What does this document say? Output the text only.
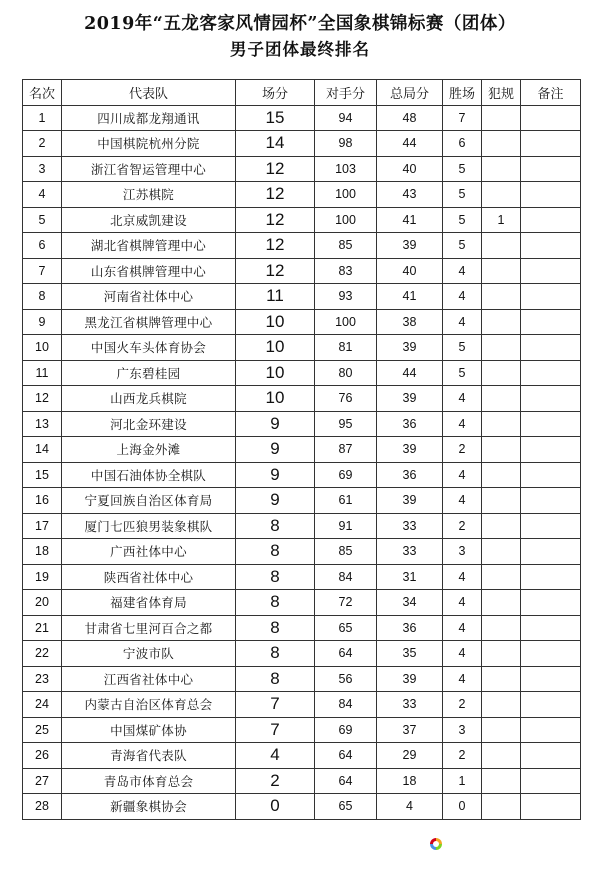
2019年“五龙客家风情园杯”全国象棋锦标赛（团体）
男子团体最终排名
名次	代表队	场分	对手分	总局分	胜场	犯规	备注
1	四川成都龙翔通讯	15	94	48	7		
2	中国棋院杭州分院	14	98	44	6		
3	浙江省智运管理中心	12	103	40	5		
4	江苏棋院	12	100	43	5		
5	北京威凯建设	12	100	41	5	1	
6	湖北省棋牌管理中心	12	85	39	5		
7	山东省棋牌管理中心	12	83	40	4		
8	河南省社体中心	11	93	41	4		
9	黑龙江省棋牌管理中心	10	100	38	4		
10	中国火车头体育协会	10	81	39	5		
11	广东碧桂园	10	80	44	5		
12	山西龙兵棋院	10	76	39	4		
13	河北金环建设	9	95	36	4		
14	上海金外滩	9	87	39	2		
15	中国石油体协全棋队	9	69	36	4		
16	宁夏回族自治区体育局	9	61	39	4		
17	厦门七匹狼男装象棋队	8	91	33	2		
18	广西社体中心	8	85	33	3		
19	陕西省社体中心	8	84	31	4		
20	福建省体育局	8	72	34	4		
21	甘肃省七里河百合之都	8	65	36	4		
22	宁波市队	8	64	35	4		
23	江西省社体中心	8	56	39	4		
24	内蒙古自治区体育总会	7	84	33	2		
25	中国煤矿体协	7	69	37	3		
26	青海省代表队	4	64	29	2		
27	青岛市体育总会	2	64	18	1		
28	新疆象棋协会	0	65	4	0		
